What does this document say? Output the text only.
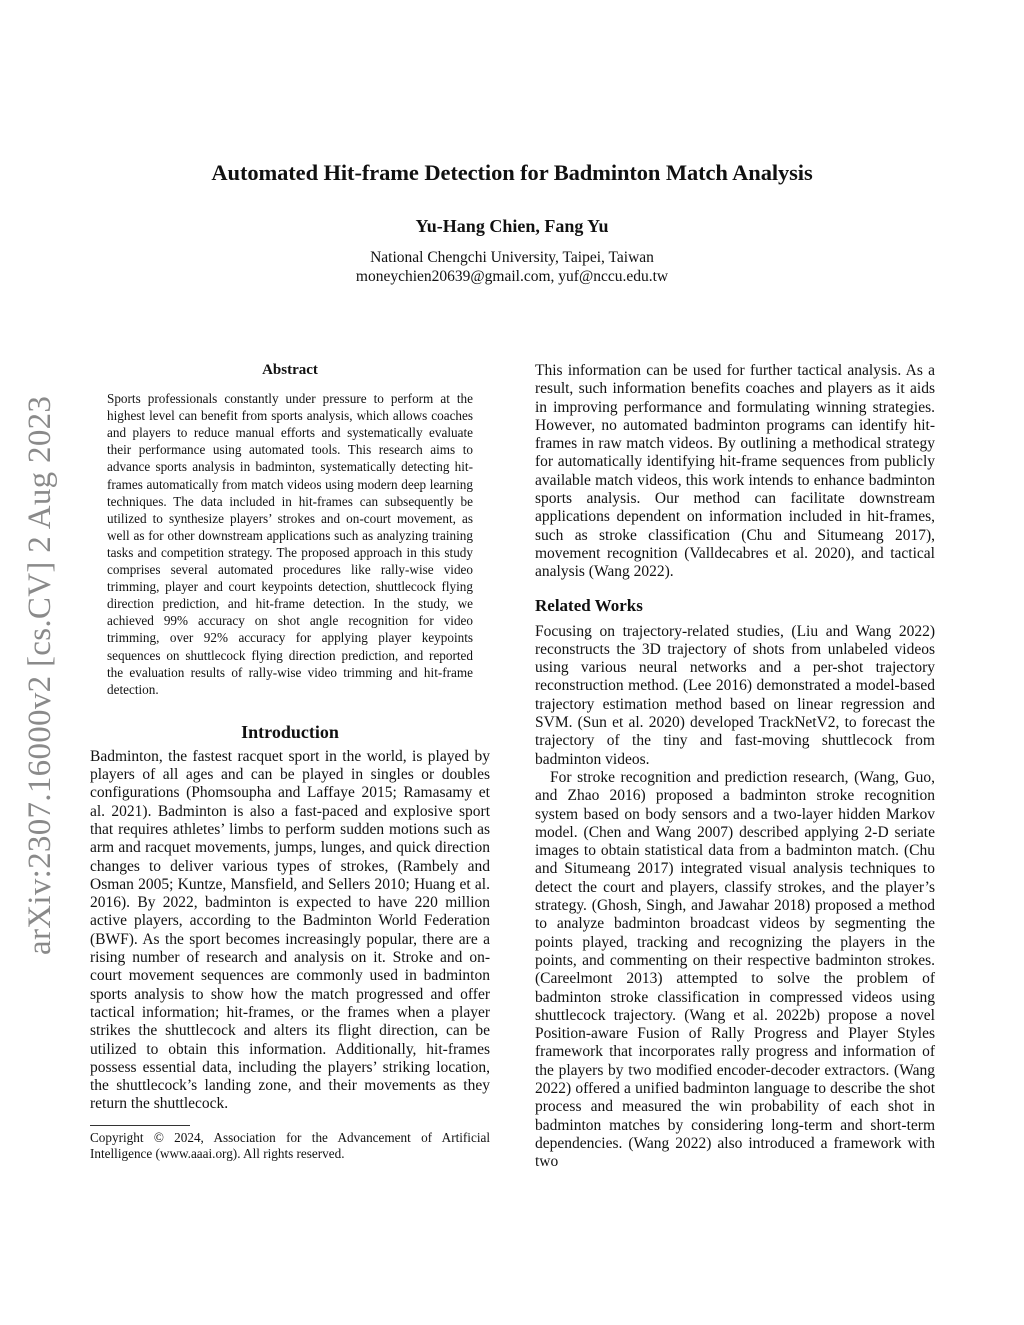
Automated Hit-frame Detection for Badminton Match Analysis
Yu-Hang Chien, Fang Yu
National Chengchi University, Taipei, Taiwan
moneychien20639@gmail.com, yuf@nccu.edu.tw
arXiv:2307.16000v2 [cs.CV] 2 Aug 2023
Abstract

Sports professionals constantly under pressure to perform at the highest level can benefit from sports analysis, which allows coaches and players to reduce manual efforts and systematically evaluate their performance using automated tools. This research aims to advance sports analysis in badminton, systematically detecting hit-frames automatically from match videos using modern deep learning techniques. The data included in hit-frames can subsequently be utilized to synthesize players’ strokes and on-court movement, as well as for other downstream applications such as analyzing training tasks and competition strategy. The proposed approach in this study comprises several automated procedures like rally-wise video trimming, player and court keypoints detection, shuttlecock flying direction prediction, and hit-frame detection. In the study, we achieved 99% accuracy on shot angle recognition for video trimming, over 92% accuracy for applying player keypoints sequences on shuttlecock flying direction prediction, and reported the evaluation results of rally-wise video trimming and hit-frame detection.

Introduction

Badminton, the fastest racquet sport in the world, is played by players of all ages and can be played in singles or doubles configurations (Phomsoupha and Laffaye 2015; Ramasamy et al. 2021). Badminton is also a fast-paced and explosive sport that requires athletes’ limbs to perform sudden motions such as arm and racquet movements, jumps, lunges, and quick direction changes to deliver various types of strokes, (Rambely and Osman 2005; Kuntze, Mansfield, and Sellers 2010; Huang et al. 2016). By 2022, badminton is expected to have 220 million active players, according to the Badminton World Federation (BWF). As the sport becomes increasingly popular, there are a rising number of research and analysis on it. Stroke and on-court movement sequences are commonly used in badminton sports analysis to show how the match progressed and offer tactical information; hit-frames, or the frames when a player strikes the shuttlecock and alters its flight direction, can be utilized to obtain this information. Additionally, hit-frames possess essential data, including the players’ striking location, the shuttlecock’s landing zone, and their movements as they return the shuttlecock.

Copyright © 2024, Association for the Advancement of Artificial Intelligence (www.aaai.org). All rights reserved.

This information can be used for further tactical analysis. As a result, such information benefits coaches and players as it aids in improving performance and formulating winning strategies. However, no automated badminton programs can identify hit-frames in raw match videos. By outlining a methodical strategy for automatically identifying hit-frame sequences from publicly available match videos, this work intends to enhance badminton sports analysis. Our method can facilitate downstream applications dependent on information included in hit-frames, such as stroke classification (Chu and Situmeang 2017), movement recognition (Valldecabres et al. 2020), and tactical analysis (Wang 2022).

Related Works

Focusing on trajectory-related studies, (Liu and Wang 2022) reconstructs the 3D trajectory of shots from unlabeled videos using various neural networks and a per-shot trajectory reconstruction method. (Lee 2016) demonstrated a model-based trajectory estimation method based on linear regression and SVM. (Sun et al. 2020) developed TrackNetV2, to forecast the trajectory of the tiny and fast-moving shuttlecock from badminton videos.

For stroke recognition and prediction research, (Wang, Guo, and Zhao 2016) proposed a badminton stroke recognition system based on body sensors and a two-layer hidden Markov model. (Chen and Wang 2007) described applying 2-D seriate images to obtain statistical data from a badminton match. (Chu and Situmeang 2017) integrated visual analysis techniques to detect the court and players, classify strokes, and the player’s strategy. (Ghosh, Singh, and Jawahar 2018) proposed a method to analyze badminton broadcast videos by segmenting the points played, tracking and recognizing the players in the points, and commenting on their respective badminton strokes. (Careelmont 2013) attempted to solve the problem of badminton stroke classification in compressed videos using shuttlecock trajectory. (Wang et al. 2022b) propose a novel Position-aware Fusion of Rally Progress and Player Styles framework that incorporates rally progress and information of the players by two modified encoder-decoder extractors. (Wang 2022) offered a unified badminton language to describe the shot process and measured the win probability of each shot in badminton matches by considering long-term and short-term dependencies. (Wang 2022) also introduced a framework with two
